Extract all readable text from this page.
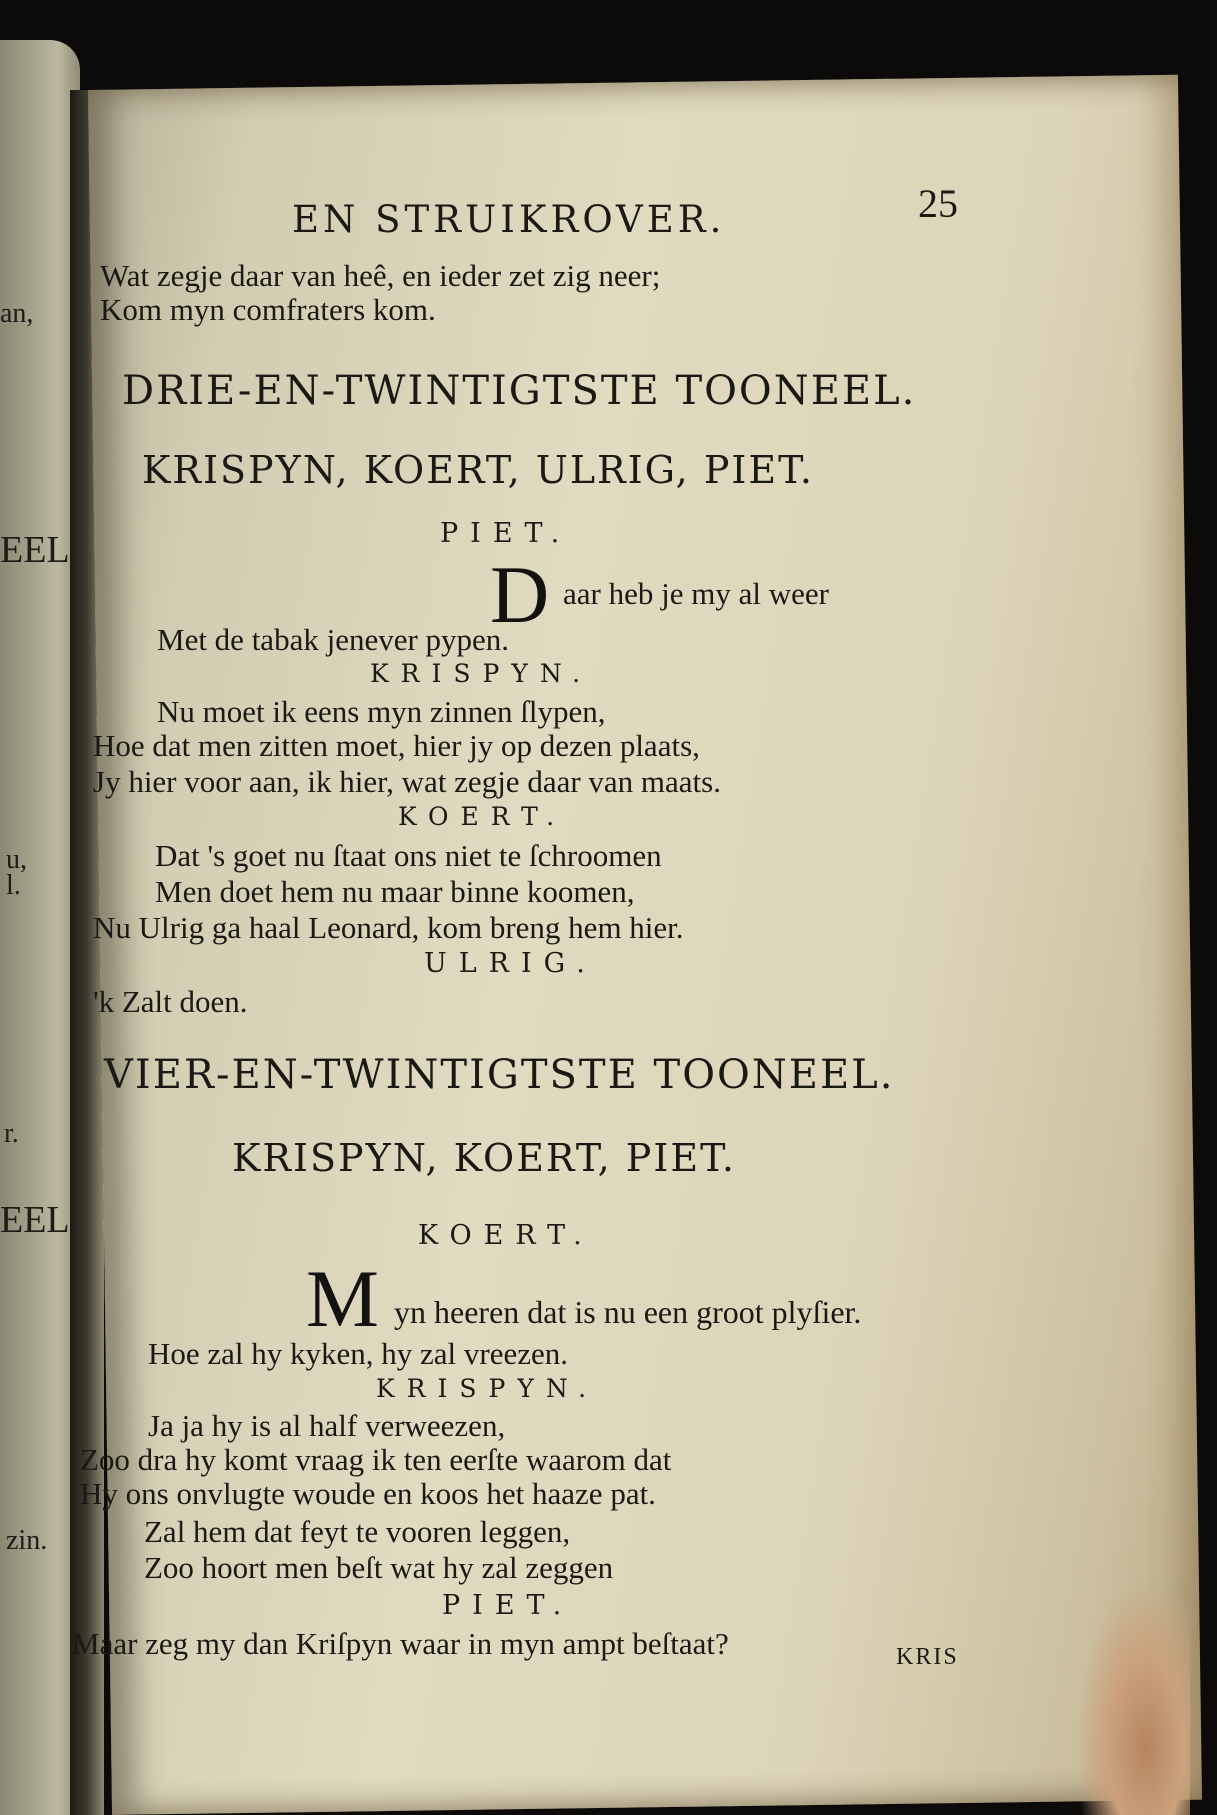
an,
EEL
u,
l.
r.
EEL
zin.
EN STRUIKROVER.	25
Wat zegje daar van heê, en ieder zet zig neer;
Kom myn comfraters kom.
DRIE-EN-TWINTIGTSTE TOONEEL.
KRISPYN, KOERT, ULRIG, PIET.
PIET.
D aar heb je my al weer
Met de tabak jenever pypen.
KRISPYN.
Nu moet ik eens myn zinnen ſlypen,
Hoe dat men zitten moet, hier jy op dezen plaats,
Jy hier voor aan, ik hier, wat zegje daar van maats.
KOERT.
Dat 's goet nu ſtaat ons niet te ſchroomen
Men doet hem nu maar binne koomen,
Nu Ulrig ga haal Leonard, kom breng hem hier.
ULRIG.
'k Zalt doen.
VIER-EN-TWINTIGTSTE TOONEEL.
KRISPYN, KOERT, PIET.
KOERT.
M yn heeren dat is nu een groot plyſier.
Hoe zal hy kyken, hy zal vreezen.
KRISPYN.
Ja ja hy is al half verweezen,
Zoo dra hy komt vraag ik ten eerſte waarom dat
Hy ons onvlugte woude en koos het haaze pat.
Zal hem dat feyt te vooren leggen,
Zoo hoort men beſt wat hy zal zeggen
PIET.
Maar zeg my dan Kriſpyn waar in myn ampt beſtaat?	KRIS
